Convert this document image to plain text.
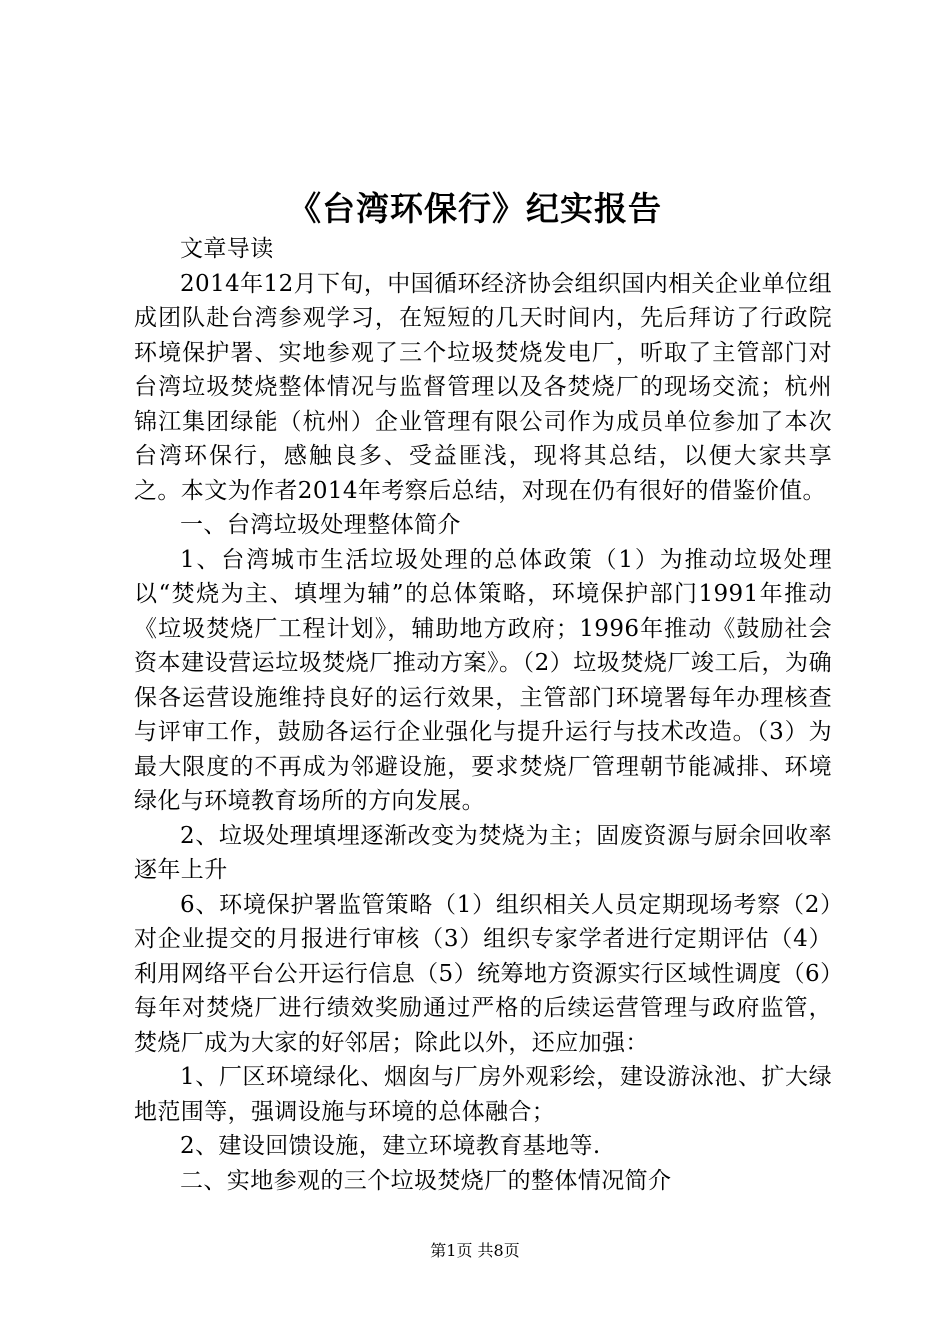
《台湾环保行》纪实报告

文章导读

2014年12月下旬，中国循环经济协会组织国内相关企业单位组成团队赴台湾参观学习，在短短的几天时间内，先后拜访了行政院环境保护署、实地参观了三个垃圾焚烧发电厂，听取了主管部门对台湾垃圾焚烧整体情况与监督管理以及各焚烧厂的现场交流；杭州锦江集团绿能（杭州）企业管理有限公司作为成员单位参加了本次台湾环保行，感触良多、受益匪浅，现将其总结，以便大家共享之。本文为作者2014年考察后总结，对现在仍有很好的借鉴价值。

一、台湾垃圾处理整体简介

1、台湾城市生活垃圾处理的总体政策（1）为推动垃圾处理以“焚烧为主、填埋为辅”的总体策略，环境保护部门1991年推动《垃圾焚烧厂工程计划》，辅助地方政府；1996年推动《鼓励社会资本建设营运垃圾焚烧厂推动方案》。（2）垃圾焚烧厂竣工后，为确保各运营设施维持良好的运行效果，主管部门环境署每年办理核查与评审工作，鼓励各运行企业强化与提升运行与技术改造。（3）为最大限度的不再成为邻避设施，要求焚烧厂管理朝节能减排、环境绿化与环境教育场所的方向发展。

2、垃圾处理填埋逐渐改变为焚烧为主；固废资源与厨余回收率逐年上升

6、环境保护署监管策略（1）组织相关人员定期现场考察（2）对企业提交的月报进行审核（3）组织专家学者进行定期评估（4）利用网络平台公开运行信息（5）统筹地方资源实行区域性调度（6）每年对焚烧厂进行绩效奖励通过严格的后续运营管理与政府监管，焚烧厂成为大家的好邻居；除此以外，还应加强：

1、厂区环境绿化、烟囱与厂房外观彩绘，建设游泳池、扩大绿地范围等，强调设施与环境的总体融合；

2、建设回馈设施，建立环境教育基地等.

二、实地参观的三个垃圾焚烧厂的整体情况简介

第1页 共8页
